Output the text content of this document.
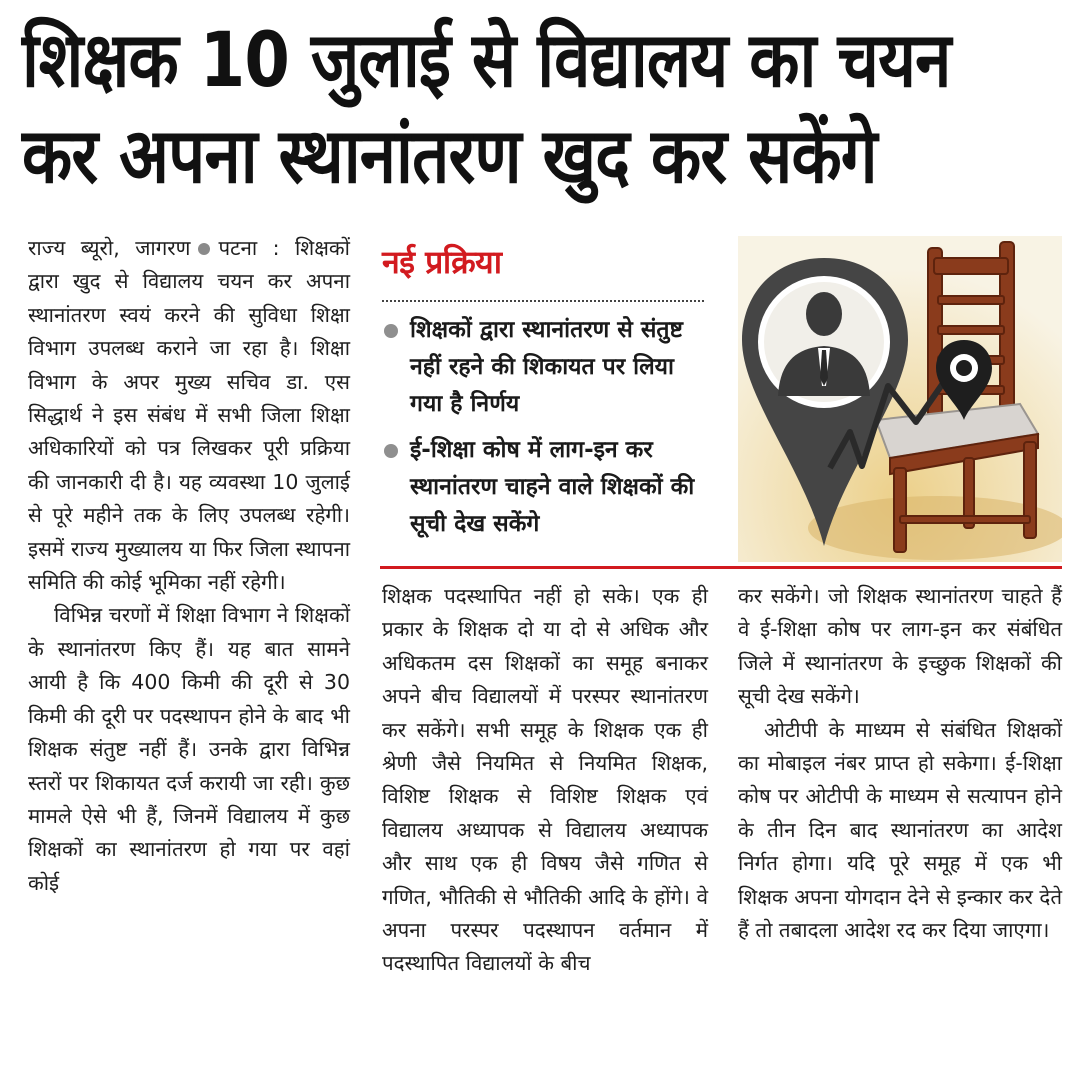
शिक्षक 10 जुलाई से विद्यालय का चयन
कर अपना स्थानांतरण खुद कर सकेंगे

राज्य ब्यूरो, जागरण पटना : शिक्षकों द्वारा खुद से विद्यालय चयन कर अपना स्थानांतरण स्वयं करने की सुविधा शिक्षा विभाग उपलब्ध कराने जा रहा है। शिक्षा विभाग के अपर मुख्य सचिव डा. एस सिद्धार्थ ने इस संबंध में सभी जिला शिक्षा अधिकारियों को पत्र लिखकर पूरी प्रक्रिया की जानकारी दी है। यह व्यवस्था 10 जुलाई से पूरे महीने तक के लिए उपलब्ध रहेगी। इसमें राज्य मुख्यालय या फिर जिला स्थापना समिति की कोई भूमिका नहीं रहेगी।

विभिन्न चरणों में शिक्षा विभाग ने शिक्षकों के स्थानांतरण किए हैं। यह बात सामने आयी है कि 400 किमी की दूरी से 30 किमी की दूरी पर पदस्थापन होने के बाद भी शिक्षक संतुष्ट नहीं हैं। उनके द्वारा विभिन्न स्तरों पर शिकायत दर्ज करायी जा रही। कुछ मामले ऐसे भी हैं, जिनमें विद्यालय में कुछ शिक्षकों का स्थानांतरण हो गया पर वहां कोई

नई प्रक्रिया
शिक्षकों द्वारा स्थानांतरण से संतुष्ट नहीं रहने की शिकायत पर लिया गया है निर्णय
ई-शिक्षा कोष में लाग-इन कर स्थानांतरण चाहने वाले शिक्षकों की सूची देख सकेंगे

शिक्षक पदस्थापित नहीं हो सके। एक ही प्रकार के शिक्षक दो या दो से अधिक और अधिकतम दस शिक्षकों का समूह बनाकर अपने बीच विद्यालयों में परस्पर स्थानांतरण कर सकेंगे। सभी समूह के शिक्षक एक ही श्रेणी जैसे नियमित से नियमित शिक्षक, विशिष्ट शिक्षक से विशिष्ट शिक्षक एवं विद्यालय अध्यापक से विद्यालय अध्यापक और साथ एक ही विषय जैसे गणित से गणित, भौतिकी से भौतिकी आदि के होंगे। वे अपना परस्पर पदस्थापन वर्तमान में पदस्थापित विद्यालयों के बीच

कर सकेंगे। जो शिक्षक स्थानांतरण चाहते हैं वे ई-शिक्षा कोष पर लाग-इन कर संबंधित जिले में स्थानांतरण के इच्छुक शिक्षकों की सूची देख सकेंगे।

ओटीपी के माध्यम से संबंधित शिक्षकों का मोबाइल नंबर प्राप्त हो सकेगा। ई-शिक्षा कोष पर ओटीपी के माध्यम से सत्यापन होने के तीन दिन बाद स्थानांतरण का आदेश निर्गत होगा। यदि पूरे समूह में एक भी शिक्षक अपना योगदान देने से इन्कार कर देते हैं तो तबादला आदेश रद कर दिया जाएगा।
